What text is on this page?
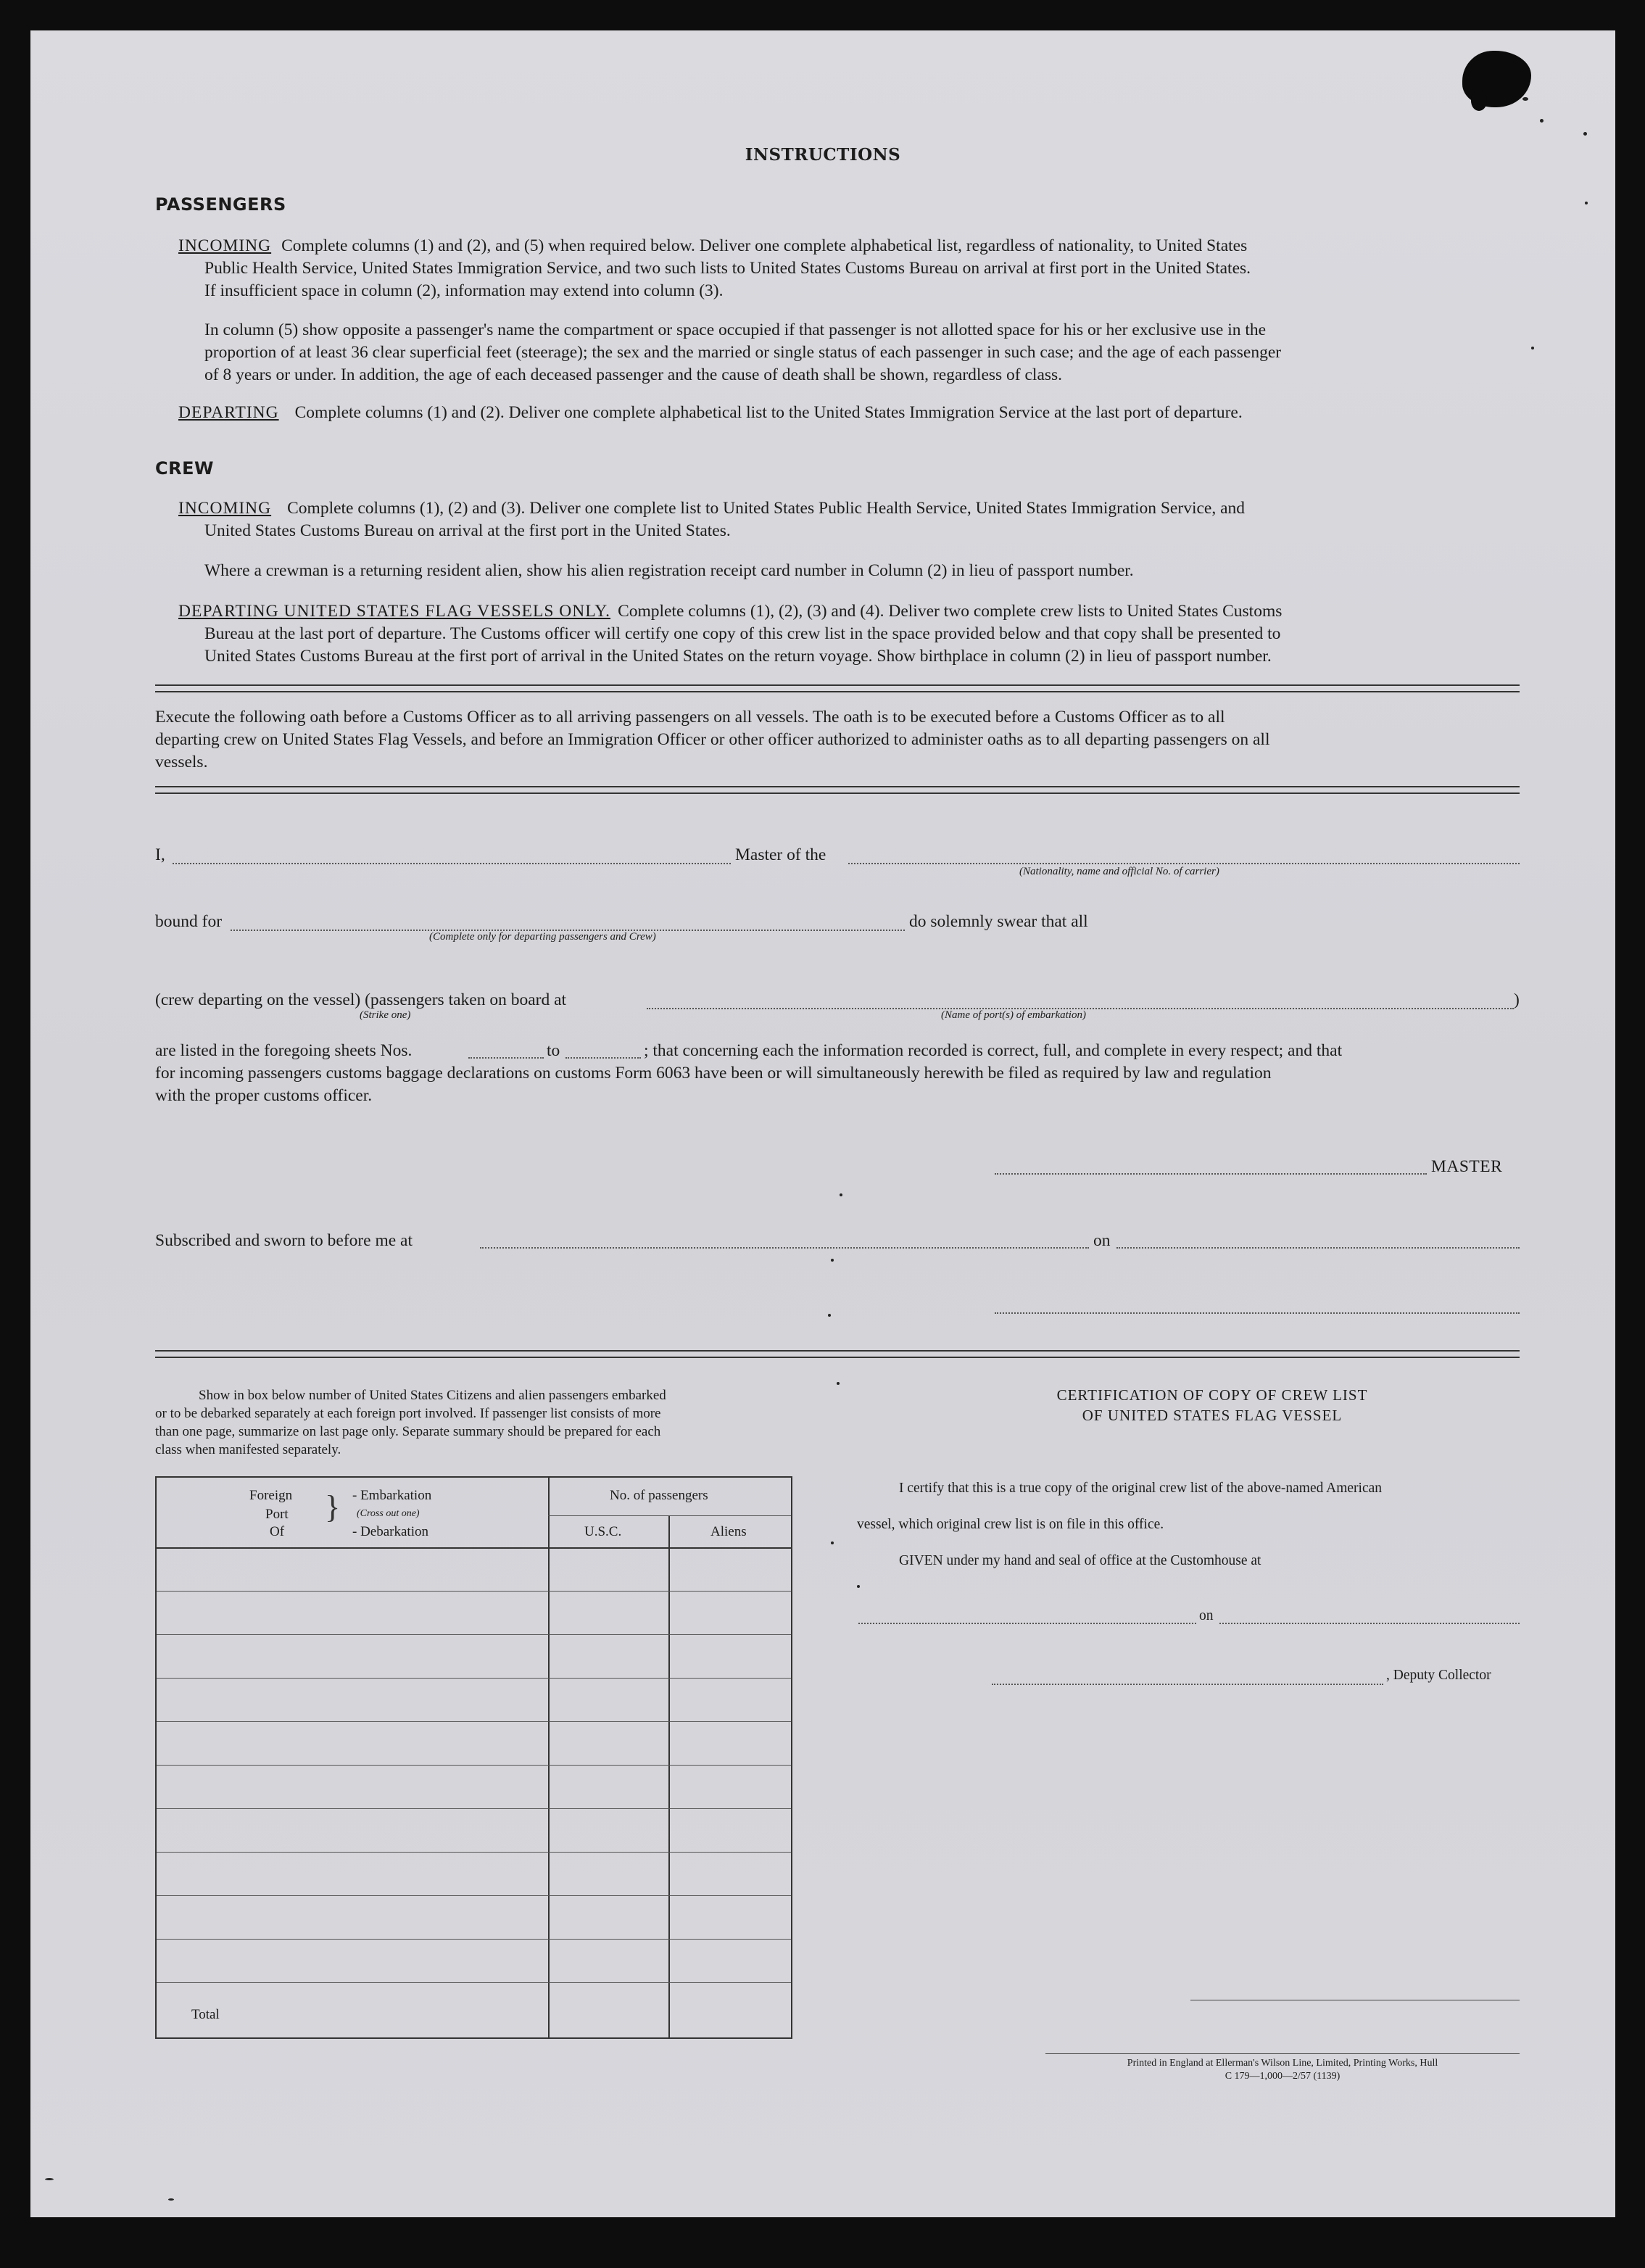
INSTRUCTIONS
PASSENGERS
INCOMING Complete columns (1) and (2), and (5) when required below. Deliver one complete alphabetical list, regardless of nationality, to United States
Public Health Service, United States Immigration Service, and two such lists to United States Customs Bureau on arrival at first port in the United States.
If insufficient space in column (2), information may extend into column (3).
In column (5) show opposite a passenger's name the compartment or space occupied if that passenger is not allotted space for his or her exclusive use in the
proportion of at least 36 clear superficial feet (steerage); the sex and the married or single status of each passenger in such case; and the age of each passenger
of 8 years or under. In addition, the age of each deceased passenger and the cause of death shall be shown, regardless of class.
DEPARTING Complete columns (1) and (2). Deliver one complete alphabetical list to the United States Immigration Service at the last port of departure.
CREW
INCOMING Complete columns (1), (2) and (3). Deliver one complete list to United States Public Health Service, United States Immigration Service, and
United States Customs Bureau on arrival at the first port in the United States.
Where a crewman is a returning resident alien, show his alien registration receipt card number in Column (2) in lieu of passport number.
DEPARTING UNITED STATES FLAG VESSELS ONLY. Complete columns (1), (2), (3) and (4). Deliver two complete crew lists to United States Customs
Bureau at the last port of departure. The Customs officer will certify one copy of this crew list in the space provided below and that copy shall be presented to
United States Customs Bureau at the first port of arrival in the United States on the return voyage. Show birthplace in column (2) in lieu of passport number.
Execute the following oath before a Customs Officer as to all arriving passengers on all vessels. The oath is to be executed before a Customs Officer as to all
departing crew on United States Flag Vessels, and before an Immigration Officer or other officer authorized to administer oaths as to all departing passengers on all
vessels.
I,	Master of the
(Nationality, name and official No. of carrier)
bound for
(Complete only for departing passengers and Crew)
do solemnly swear that all
(crew departing on the vessel) (passengers taken on board at
(Strike one)	(Name of port(s) of embarkation)
)
are listed in the foregoing sheets Nos.	to	; that concerning each the information recorded is correct, full, and complete in every respect; and that
for incoming passengers customs baggage declarations on customs Form 6063 have been or will simultaneously herewith be filed as required by law and regulation
with the proper customs officer.
MASTER
Subscribed and sworn to before me at	on
Show in box below number of United States Citizens and alien passengers embarked
or to be debarked separately at each foreign port involved. If passenger list consists of more
than one page, summarize on last page only. Separate summary should be prepared for each
class when manifested separately.
Foreign
Port
Of
} - Embarkation
(Cross out one)
- Debarkation
No. of passengers
U.S.C.	Aliens
Total
CERTIFICATION OF COPY OF CREW LIST
OF UNITED STATES FLAG VESSEL
I certify that this is a true copy of the original crew list of the above-named American
vessel, which original crew list is on file in this office.
GIVEN under my hand and seal of office at the Customhouse at
on
, Deputy Collector
Printed in England at Ellerman's Wilson Line, Limited, Printing Works, Hull
C 179—1,000—2/57 (1139)
